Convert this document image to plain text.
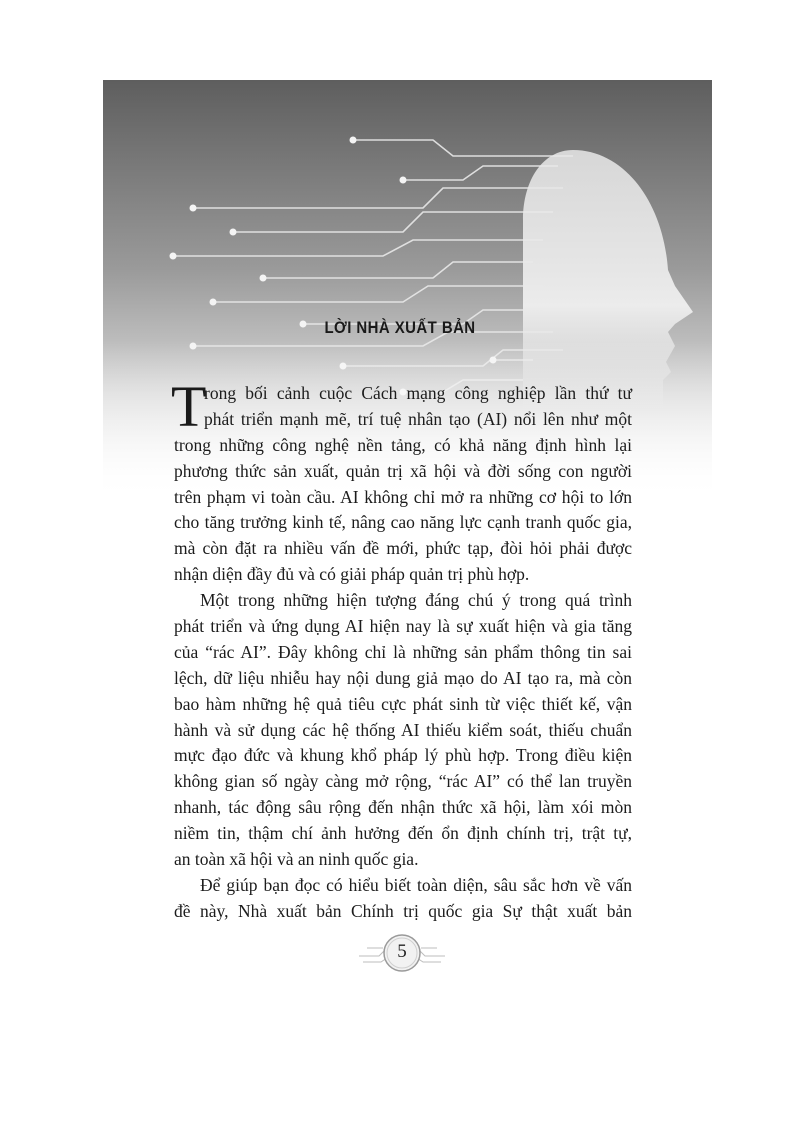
LỜI NHÀ XUẤT BẢN
T
rong bối cảnh cuộc Cách mạng công nghiệp lần thứ tư
phát triển mạnh mẽ, trí tuệ nhân tạo (AI) nổi lên như một
trong những công nghệ nền tảng, có khả năng định hình lại
phương thức sản xuất, quản trị xã hội và đời sống con người
trên phạm vi toàn cầu. AI không chỉ mở ra những cơ hội to lớn
cho tăng trưởng kinh tế, nâng cao năng lực cạnh tranh quốc gia,
mà còn đặt ra nhiều vấn đề mới, phức tạp, đòi hỏi phải được
nhận diện đầy đủ và có giải pháp quản trị phù hợp.
Một trong những hiện tượng đáng chú ý trong quá trình
phát triển và ứng dụng AI hiện nay là sự xuất hiện và gia tăng
của “rác AI”. Đây không chỉ là những sản phẩm thông tin sai
lệch, dữ liệu nhiễu hay nội dung giả mạo do AI tạo ra, mà còn
bao hàm những hệ quả tiêu cực phát sinh từ việc thiết kế, vận
hành và sử dụng các hệ thống AI thiếu kiểm soát, thiếu chuẩn
mực đạo đức và khung khổ pháp lý phù hợp. Trong điều kiện
không gian số ngày càng mở rộng, “rác AI” có thể lan truyền
nhanh, tác động sâu rộng đến nhận thức xã hội, làm xói mòn
niềm tin, thậm chí ảnh hưởng đến ổn định chính trị, trật tự,
an toàn xã hội và an ninh quốc gia.
Để giúp bạn đọc có hiểu biết toàn diện, sâu sắc hơn về vấn
đề này, Nhà xuất bản Chính trị quốc gia Sự thật xuất bản
5
